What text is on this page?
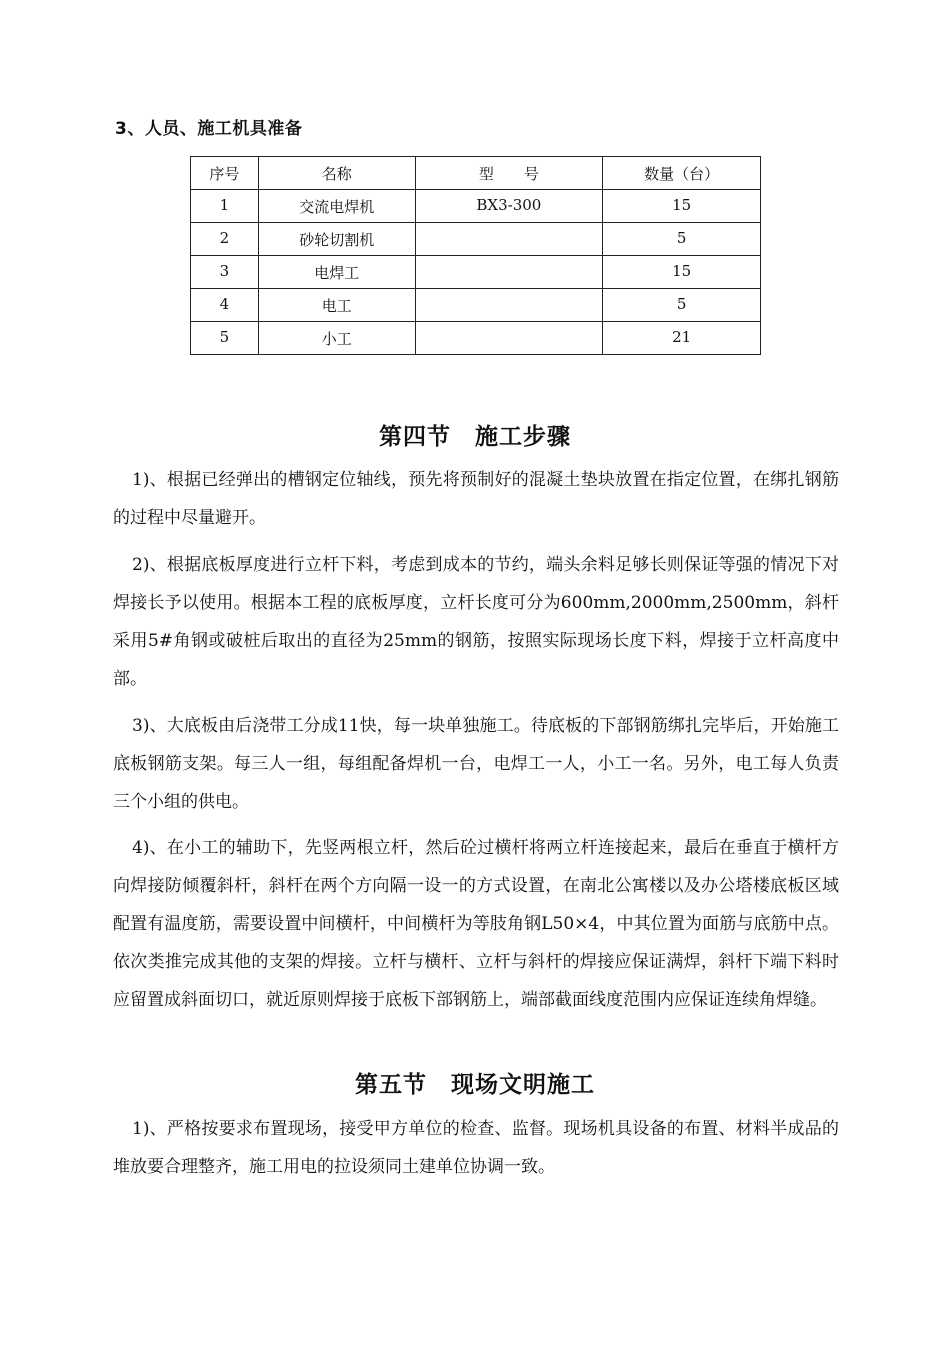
3、人员、施工机具准备
序号	名称	型　　号	数量（台）
1	交流电焊机	BX3-300	15
2	砂轮切割机		5
3	电焊工		15
4	电工		5
5	小工		21
第四节　施工步骤

1)、根据已经弹出的槽钢定位轴线，预先将预制好的混凝土垫块放置在指定位置，在绑扎钢筋的过程中尽量避开。

2)、根据底板厚度进行立杆下料，考虑到成本的节约，端头余料足够长则保证等强的情况下对焊接长予以使用。根据本工程的底板厚度，立杆长度可分为600mm,2000mm,2500mm，斜杆采用5#角钢或破桩后取出的直径为25mm的钢筋，按照实际现场长度下料，焊接于立杆高度中部。

3)、大底板由后浇带工分成11快，每一块单独施工。待底板的下部钢筋绑扎完毕后，开始施工底板钢筋支架。每三人一组，每组配备焊机一台，电焊工一人，小工一名。另外，电工每人负责三个小组的供电。

4)、在小工的辅助下，先竖两根立杆，然后砼过横杆将两立杆连接起来，最后在垂直于横杆方向焊接防倾覆斜杆，斜杆在两个方向隔一设一的方式设置，在南北公寓楼以及办公塔楼底板区域配置有温度筋，需要设置中间横杆，中间横杆为等肢角钢L50×4，中其位置为面筋与底筋中点。依次类推完成其他的支架的焊接。立杆与横杆、立杆与斜杆的焊接应保证满焊，斜杆下端下料时应留置成斜面切口，就近原则焊接于底板下部钢筋上，端部截面线度范围内应保证连续角焊缝。

第五节　现场文明施工

1)、严格按要求布置现场，接受甲方单位的检查、监督。现场机具设备的布置、材料半成品的堆放要合理整齐，施工用电的拉设须同土建单位协调一致。
